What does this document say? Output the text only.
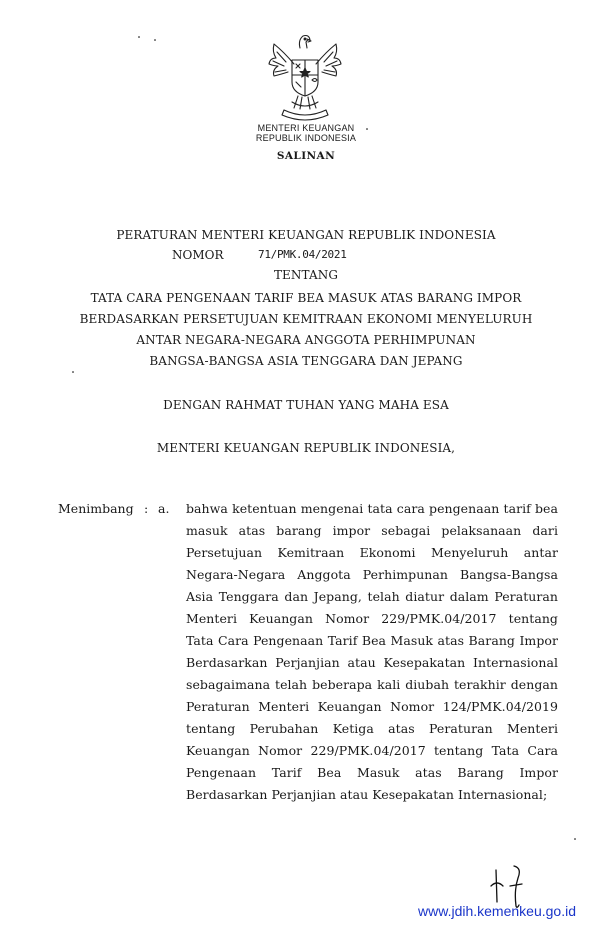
MENTERI KEUANGAN
REPUBLIK INDONESIA
SALINAN
PERATURAN MENTERI KEUANGAN REPUBLIK INDONESIA
NOMOR	71/PMK.04/2021
TENTANG
TATA CARA PENGENAAN TARIF BEA MASUK ATAS BARANG IMPOR
BERDASARKAN PERSETUJUAN KEMITRAAN EKONOMI MENYELURUH
ANTAR NEGARA-NEGARA ANGGOTA PERHIMPUNAN
BANGSA-BANGSA ASIA TENGGARA DAN JEPANG
DENGAN RAHMAT TUHAN YANG MAHA ESA
MENTERI KEUANGAN REPUBLIK INDONESIA,
Menimbang : a. bahwa ketentuan mengenai tata cara pengenaan tarif bea
masuk atas barang impor sebagai pelaksanaan dari
Persetujuan Kemitraan Ekonomi Menyeluruh antar
Negara-Negara Anggota Perhimpunan Bangsa-Bangsa
Asia Tenggara dan Jepang, telah diatur dalam Peraturan
Menteri Keuangan Nomor 229/PMK.04/2017 tentang
Tata Cara Pengenaan Tarif Bea Masuk atas Barang Impor
Berdasarkan Perjanjian atau Kesepakatan Internasional
sebagaimana telah beberapa kali diubah terakhir dengan
Peraturan Menteri Keuangan Nomor 124/PMK.04/2019
tentang Perubahan Ketiga atas Peraturan Menteri
Keuangan Nomor 229/PMK.04/2017 tentang Tata Cara
Pengenaan Tarif Bea Masuk atas Barang Impor
Berdasarkan Perjanjian atau Kesepakatan Internasional;
www.jdih.kemenkeu.go.id
